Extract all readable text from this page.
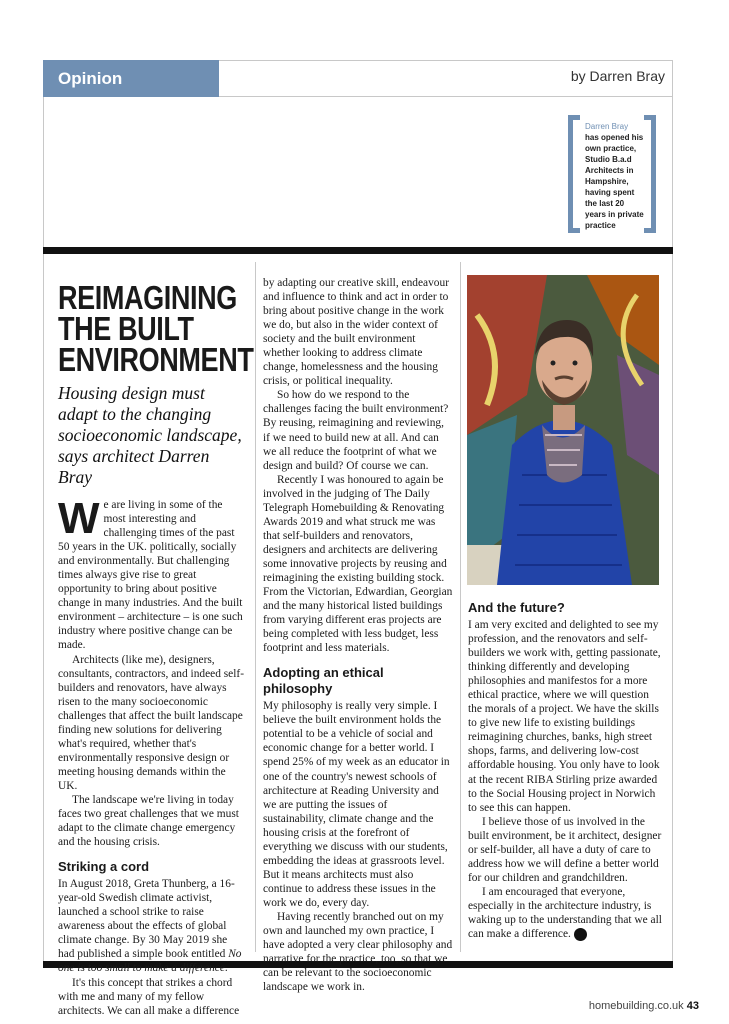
Opinion	by Darren Bray
Darren Bray
has opened his own practice, Studio B.a.d Architects in Hampshire, having spent the last 20 years in private practice
REIMAGINING THE BUILT ENVIRONMENT
Housing design must adapt to the changing socioeconomic landscape, says architect Darren Bray

We are living in some of the most interesting and challenging times of the past 50 years in the UK. politically, socially and environmentally. But challenging times always give rise to great opportunity to bring about positive change in many industries. And the built environment – architecture – is one such industry where positive change can be made.

Architects (like me), designers, consultants, contractors, and indeed self-builders and renovators, have always risen to the many socioeconomic challenges that affect the built landscape finding new solutions for delivering what's required, whether that's environmentally responsive design or meeting housing demands within the UK.

The landscape we're living in today faces two great challenges that we must adapt to the climate change emergency and the housing crisis.

Striking a cord

In August 2018, Greta Thunberg, a 16-year-old Swedish climate activist, launched a school strike to raise awareness about the effects of global climate change. By 30 May 2019 she had published a simple book entitled No one is too small to make a difference.

It's this concept that strikes a chord with me and many of my fellow architects. We can all make a difference

by adapting our creative skill, endeavour and influence to think and act in order to bring about positive change in the work we do, but also in the wider context of society and the built environment whether looking to address climate change, homelessness and the housing crisis, or political inequality.

So how do we respond to the challenges facing the built environment? By reusing, reimagining and reviewing, if we need to build new at all. And can we all reduce the footprint of what we design and build? Of course we can.

Recently I was honoured to again be involved in the judging of The Daily Telegraph Homebuilding & Renovating Awards 2019 and what struck me was that self-builders and renovators, designers and architects are delivering some innovative projects by reusing and reimagining the existing building stock. From the Victorian, Edwardian, Georgian and the many historical listed buildings from varying different eras projects are being completed with less budget, less footprint and less materials.

Adopting an ethical philosophy

My philosophy is really very simple. I believe the built environment holds the potential to be a vehicle of social and economic change for a better world. I spend 25% of my week as an educator in one of the country's newest schools of architecture at Reading University and we are putting the issues of sustainability, climate change and the housing crisis at the forefront of everything we discuss with our students, embedding the ideas at grassroots level. But it means architects must also continue to address these issues in the work we do, every day.

Having recently branched out on my own and launched my own practice, I have adopted a very clear philosophy and narrative for the practice, too, so that we can be relevant to the socioeconomic landscape we work in.

And the future?

I am very excited and delighted to see my profession, and the renovators and self-builders we work with, getting passionate, thinking differently and developing philosophies and manifestos for a more ethical practice, where we will question the morals of a project. We have the skills to give new life to existing buildings reimagining churches, banks, high street shops, farms, and delivering low-cost affordable housing. You only have to look at the recent RIBA Stirling prize awarded to the Social Housing project in Norwich to see this can happen.

I believe those of us involved in the built environment, be it architect, designer or self-builder, all have a duty of care to address how we will define a better world for our children and grandchildren.

I am encouraged that everyone, especially in the architecture industry, is waking up to the understanding that we all can make a difference. H

homebuilding.co.uk 43
